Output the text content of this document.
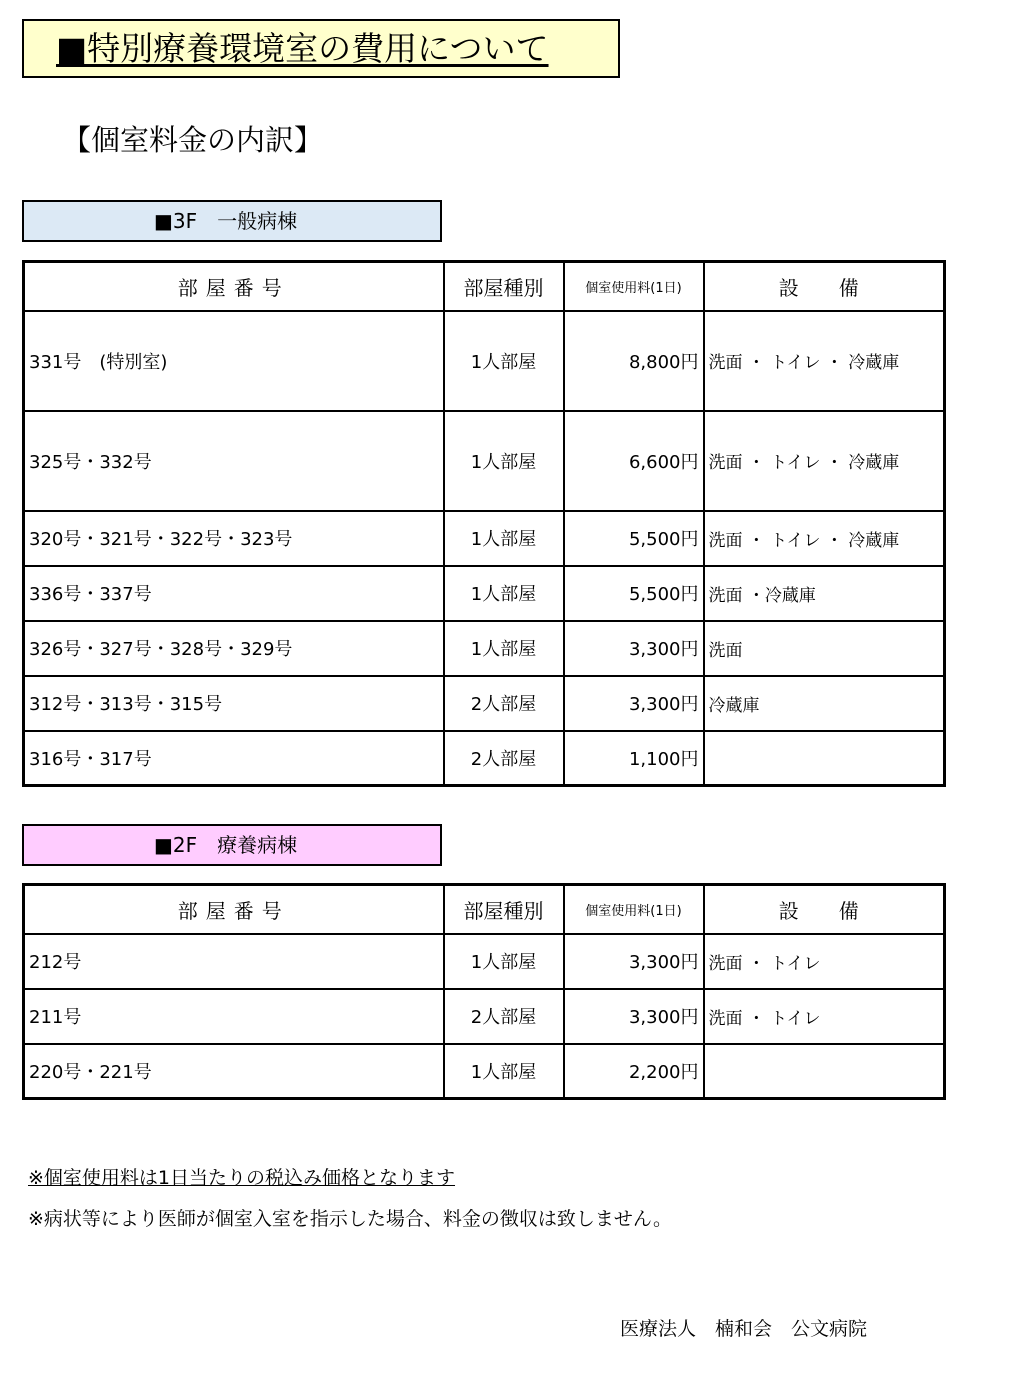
■特別療養環境室の費用について
【個室料金の内訳】
■3F　一般病棟
部屋番号	部屋種別	個室使用料(1日)	設備
331号　(特別室)	1人部屋	8,800円	洗面 ・ トイレ ・ 冷蔵庫
325号・332号	1人部屋	6,600円	洗面 ・ トイレ ・ 冷蔵庫
320号・321号・322号・323号	1人部屋	5,500円	洗面 ・ トイレ ・ 冷蔵庫
336号・337号	1人部屋	5,500円	洗面 ・冷蔵庫
326号・327号・328号・329号	1人部屋	3,300円	洗面
312号・313号・315号	2人部屋	3,300円	冷蔵庫
316号・317号	2人部屋	1,100円	
■2F　療養病棟
部屋番号	部屋種別	個室使用料(1日)	設備
212号	1人部屋	3,300円	洗面 ・ トイレ
211号	2人部屋	3,300円	洗面 ・ トイレ
220号・221号	1人部屋	2,200円	
※個室使用料は1日当たりの税込み価格となります
※病状等により医師が個室入室を指示した場合、料金の徴収は致しません。
医療法人　楠和会　公文病院
